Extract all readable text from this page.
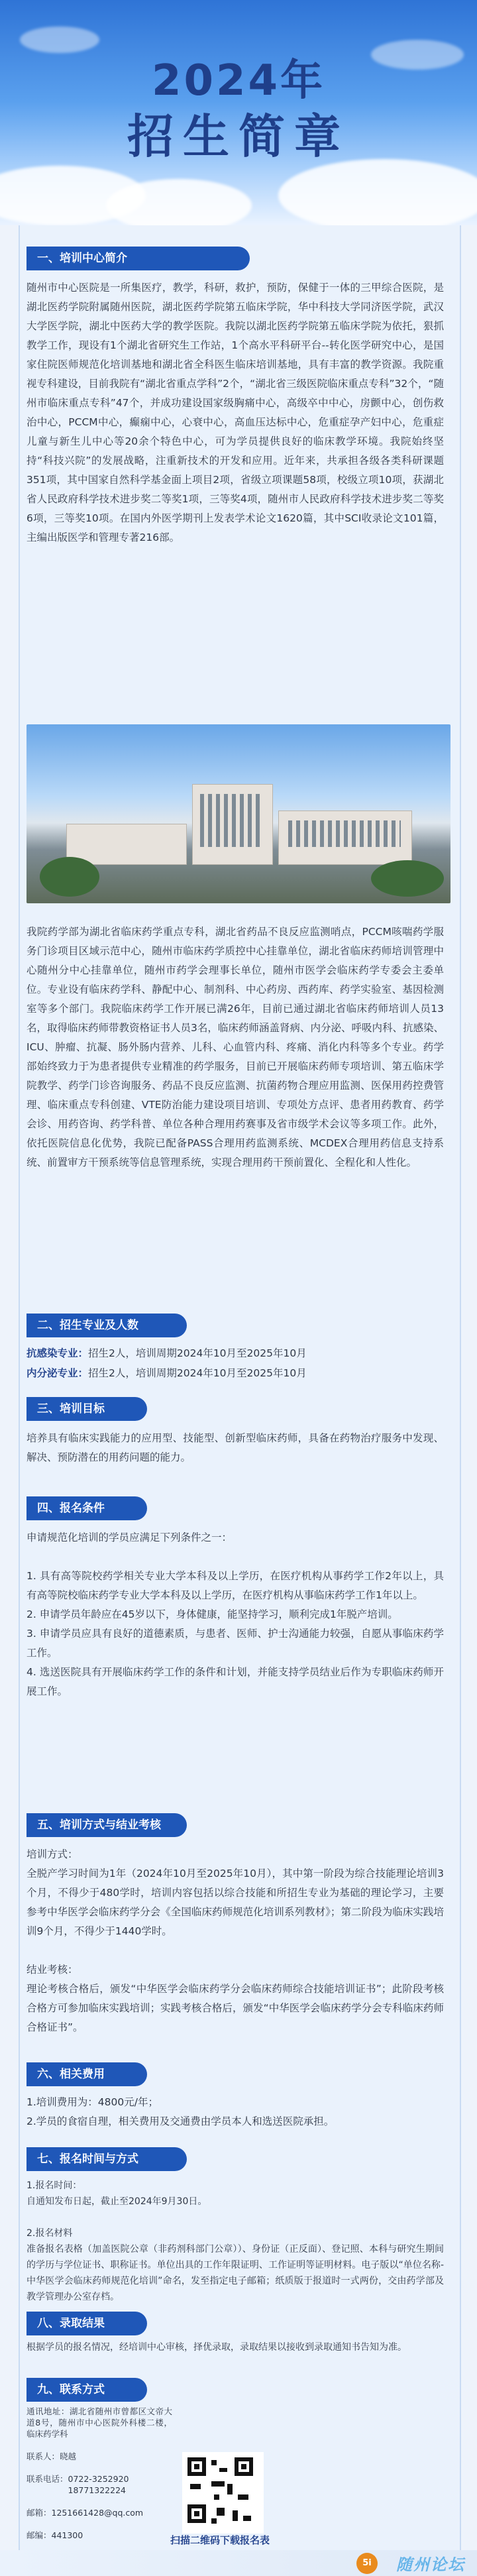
2024年
招生简章
一、培训中心简介
随州市中心医院是一所集医疗，教学，科研，救护，预防，保健于一体的三甲综合医院，是湖北医药学院附属随州医院，湖北医药学院第五临床学院，华中科技大学同济医学院，武汉大学医学院，湖北中医药大学的教学医院。我院以湖北医药学院第五临床学院为依托，狠抓教学工作，现设有1个湖北省研究生工作站，1个高水平科研平台--转化医学研究中心，是国家住院医师规范化培训基地和湖北省全科医生临床培训基地，具有丰富的教学资源。我院重视专科建设，目前我院有“湖北省重点学科”2个，“湖北省三级医院临床重点专科”32个，“随州市临床重点专科”47个，并成功建设国家级胸痛中心，高级卒中中心，房颤中心，创伤救治中心，PCCM中心，癫痫中心，心衰中心，高血压达标中心，危重症孕产妇中心，危重症儿童与新生儿中心等20余个特色中心，可为学员提供良好的临床教学环境。我院始终坚持“科技兴院”的发展战略，注重新技术的开发和应用。近年来，共承担各级各类科研课题351项，其中国家自然科学基金面上项目2项，省级立项课题58项，校级立项10项，获湖北省人民政府科学技术进步奖二等奖1项，三等奖4项，随州市人民政府科学技术进步奖二等奖6项，三等奖10项。在国内外医学期刊上发表学术论文1620篇，其中SCI收录论文101篇，主编出版医学和管理专著216部。
我院药学部为湖北省临床药学重点专科，湖北省药品不良反应监测哨点，PCCM咳喘药学服务门诊项目区域示范中心，随州市临床药学质控中心挂靠单位，湖北省临床药师培训管理中心随州分中心挂靠单位，随州市药学会理事长单位，随州市医学会临床药学专委会主委单位。专业设有临床药学科、静配中心、制剂科、中心药房、西药库、药学实验室、基因检测室等多个部门。我院临床药学工作开展已满26年，目前已通过湖北省临床药师培训人员13名，取得临床药师带教资格证书人员3名，临床药师涵盖肾病、内分泌、呼吸内科、抗感染、ICU、肿瘤、抗凝、肠外肠内营养、儿科、心血管内科、疼痛、消化内科等多个专业。药学部始终致力于为患者提供专业精准的药学服务，目前已开展临床药师专项培训、第五临床学院教学、药学门诊咨询服务、药品不良反应监测、抗菌药物合理应用监测、医保用药控费管理、临床重点专科创建、VTE防治能力建设项目培训、专项处方点评、患者用药教育、药学会诊、用药咨询、药学科普、单位各种合理用药赛事及省市级学术会议等多项工作。此外，依托医院信息化优势，我院已配备PASS合理用药监测系统、MCDEX合理用药信息支持系统、前置审方干预系统等信息管理系统，实现合理用药干预前置化、全程化和人性化。
二、招生专业及人数
抗感染专业：招生2人，培训周期2024年10月至2025年10月
内分泌专业：招生2人，培训周期2024年10月至2025年10月
三、培训目标
培养具有临床实践能力的应用型、技能型、创新型临床药师，具备在药物治疗服务中发现、解决、预防潜在的用药问题的能力。
四、报名条件
申请规范化培训的学员应满足下列条件之一：

1. 具有高等院校药学相关专业大学本科及以上学历，在医疗机构从事药学工作2年以上，具有高等院校临床药学专业大学本科及以上学历，在医疗机构从事临床药学工作1年以上。
2. 申请学员年龄应在45岁以下，身体健康，能坚持学习，顺利完成1年脱产培训。
3. 申请学员应具有良好的道德素质，与患者、医师、护士沟通能力较强，自愿从事临床药学工作。
4. 选送医院具有开展临床药学工作的条件和计划，并能支持学员结业后作为专职临床药师开展工作。
五、培训方式与结业考核
培训方式：
全脱产学习时间为1年（2024年10月至2025年10月），其中第一阶段为综合技能理论培训3个月，不得少于480学时，培训内容包括以综合技能和所招生专业为基础的理论学习，主要参考中华医学会临床药学分会《全国临床药师规范化培训系列教材》；第二阶段为临床实践培训9个月，不得少于1440学时。

结业考核：
理论考核合格后，颁发“中华医学会临床药学分会临床药师综合技能培训证书”；此阶段考核合格方可参加临床实践培训；实践考核合格后，颁发“中华医学会临床药学分会专科临床药师合格证书”。
六、相关费用
1.培训费用为：4800元/年；
2.学员的食宿自理，相关费用及交通费由学员本人和选送医院承担。
七、报名时间与方式
1.报名时间：
自通知发布日起，截止至2024年9月30日。

2.报名材料
准备报名表格（加盖医院公章（非药剂科部门公章））、身份证（正反面）、登记照、本科与研究生期间的学历与学位证书、职称证书。单位出具的工作年限证明、工作证明等证明材料。电子版以“单位名称-中华医学会临床药师规范化培训”命名，发至指定电子邮箱；纸质版于报道时一式两份，交由药学部及教学管理办公室存档。
八、录取结果
根据学员的报名情况，经培训中心审核，择优录取，录取结果以接收到录取通知书告知为准。
九、联系方式
通讯地址：湖北省随州市曾都区文帝大道8号，随州市中心医院外科楼二楼，临床药学科

联系人：晓越

联系电话：0722-3252920
　　　　　18771322224

邮箱：1251661428@qq.com

邮编：441300	扫描二维码下载报名表
5i	随州论坛
